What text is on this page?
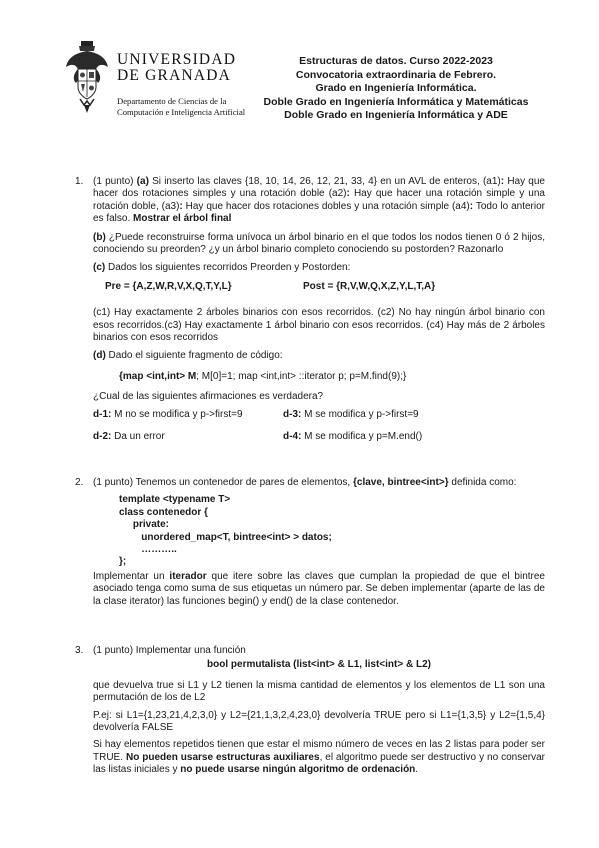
UNIVERSIDAD
DE GRANADA
Departamento de Ciencias de la
Computación e Inteligencia Artificial
Estructuras de datos. Curso 2022-2023
Convocatoria extraordinaria de Febrero.
Grado en Ingeniería Informática.
Doble Grado en Ingeniería Informática y Matemáticas
Doble Grado en Ingeniería Informática y ADE
1. (1 punto) (a) Si inserto las claves {18, 10, 14, 26, 12, 21, 33, 4} en un AVL de enteros, (a1): Hay que hacer dos rotaciones simples y una rotación doble (a2): Hay que hacer una rotación simple y una rotación doble, (a3): Hay que hacer dos rotaciones dobles y una rotación simple (a4): Todo lo anterior es falso. Mostrar el árbol final

(b) ¿Puede reconstruirse forma unívoca un árbol binario en el que todos los nodos tienen 0 ó 2 hijos, conociendo su preorden? ¿y un árbol binario completo conociendo su postorden? Razonarlo

(c) Dados los siguientes recorridos Preorden y Postorden:

Pre = {A,Z,W,R,V,X,Q,T,Y,L}	Post = {R,V,W,Q,X,Z,Y,L,T,A}

(c1) Hay exactamente 2 árboles binarios con esos recorridos. (c2) No hay ningún árbol binario con esos recorridos.(c3) Hay exactamente 1 árbol binario con esos recorridos. (c4) Hay más de 2 árboles binarios con esos recorridos

(d) Dado el siguiente fragmento de código:

{map <int,int> M; M[0]=1; map <int,int> ::iterator p; p=M.find(9);}

¿Cual de las siguientes afirmaciones es verdadera?

d-1: M no se modifica y p->first=9	d-3: M se modifica y p->first=9
d-2: Da un error	d-4: M se modifica y p=M.end()
2. (1 punto) Tenemos un contenedor de pares de elementos, {clave, bintree<int>} definida como:

template <typename T>
class contenedor {
private:
unordered_map<T, bintree<int> > datos;
………..
};

Implementar un iterador que itere sobre las claves que cumplan la propiedad de que el bintree asociado tenga como suma de sus etiquetas un número par. Se deben implementar (aparte de las de la clase iterator) las funciones begin() y end() de la clase contenedor.

3. (1 punto) Implementar una función

bool permutalista (list<int> & L1, list<int> & L2)

que devuelva true si L1 y L2 tienen la misma cantidad de elementos y los elementos de L1 son una permutación de los de L2

P.ej: si L1={1,23,21,4,2,3,0} y L2={21,1,3,2,4,23,0} devolvería TRUE pero si L1={1,3,5} y L2={1,5,4} devolvería FALSE

Si hay elementos repetidos tienen que estar el mismo número de veces en las 2 listas para poder ser TRUE. No pueden usarse estructuras auxiliares, el algoritmo puede ser destructivo y no conservar las listas iniciales y no puede usarse ningún algoritmo de ordenación.
